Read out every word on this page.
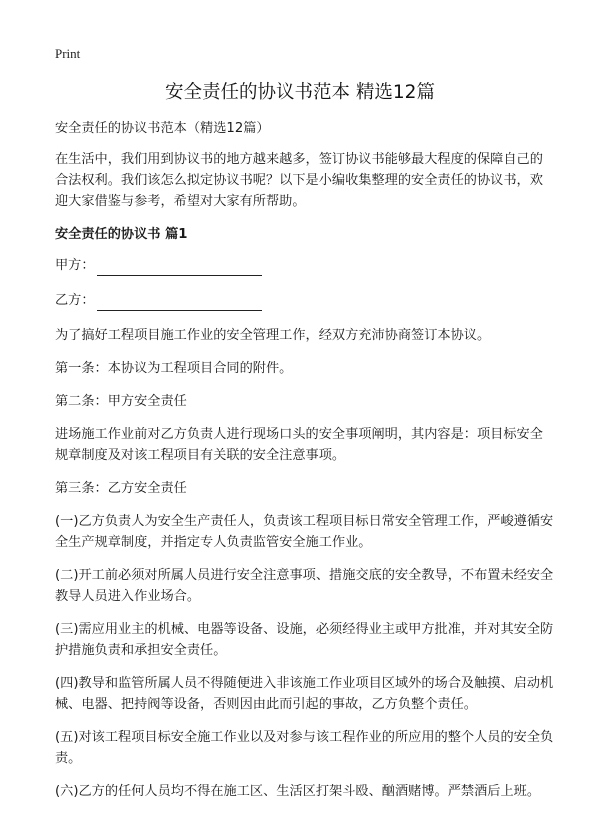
Print
安全责任的协议书范本 精选12篇

安全责任的协议书范本（精选12篇）

在生活中，我们用到协议书的地方越来越多，签订协议书能够最大程度的保障自己的合法权利。我们该怎么拟定协议书呢？以下是小编收集整理的安全责任的协议书，欢迎大家借鉴与参考，希望对大家有所帮助。

安全责任的协议书 篇1

甲方：
乙方：

为了搞好工程项目施工作业的安全管理工作，经双方充沛协商签订本协议。

第一条：本协议为工程项目合同的附件。

第二条：甲方安全责任

进场施工作业前对乙方负责人进行现场口头的安全事项阐明，其内容是：项目标安全规章制度及对该工程项目有关联的安全注意事项。

第三条：乙方安全责任

(一)乙方负责人为安全生产责任人，负责该工程项目标日常安全管理工作，严峻遵循安全生产规章制度，并指定专人负责监管安全施工作业。

(二)开工前必须对所属人员进行安全注意事项、措施交底的安全教导，不布置未经安全教导人员进入作业场合。

(三)需应用业主的机械、电器等设备、设施，必须经得业主或甲方批准，并对其安全防护措施负责和承担安全责任。

(四)教导和监管所属人员不得随便进入非该施工作业项目区域外的场合及触摸、启动机械、电器、把持阀等设备，否则因由此而引起的事故，乙方负整个责任。

(五)对该工程项目标安全施工作业以及对参与该工程作业的所应用的整个人员的安全负责。

(六)乙方的任何人员均不得在施工区、生活区打架斗殴、酗酒赌博。严禁酒后上班。
